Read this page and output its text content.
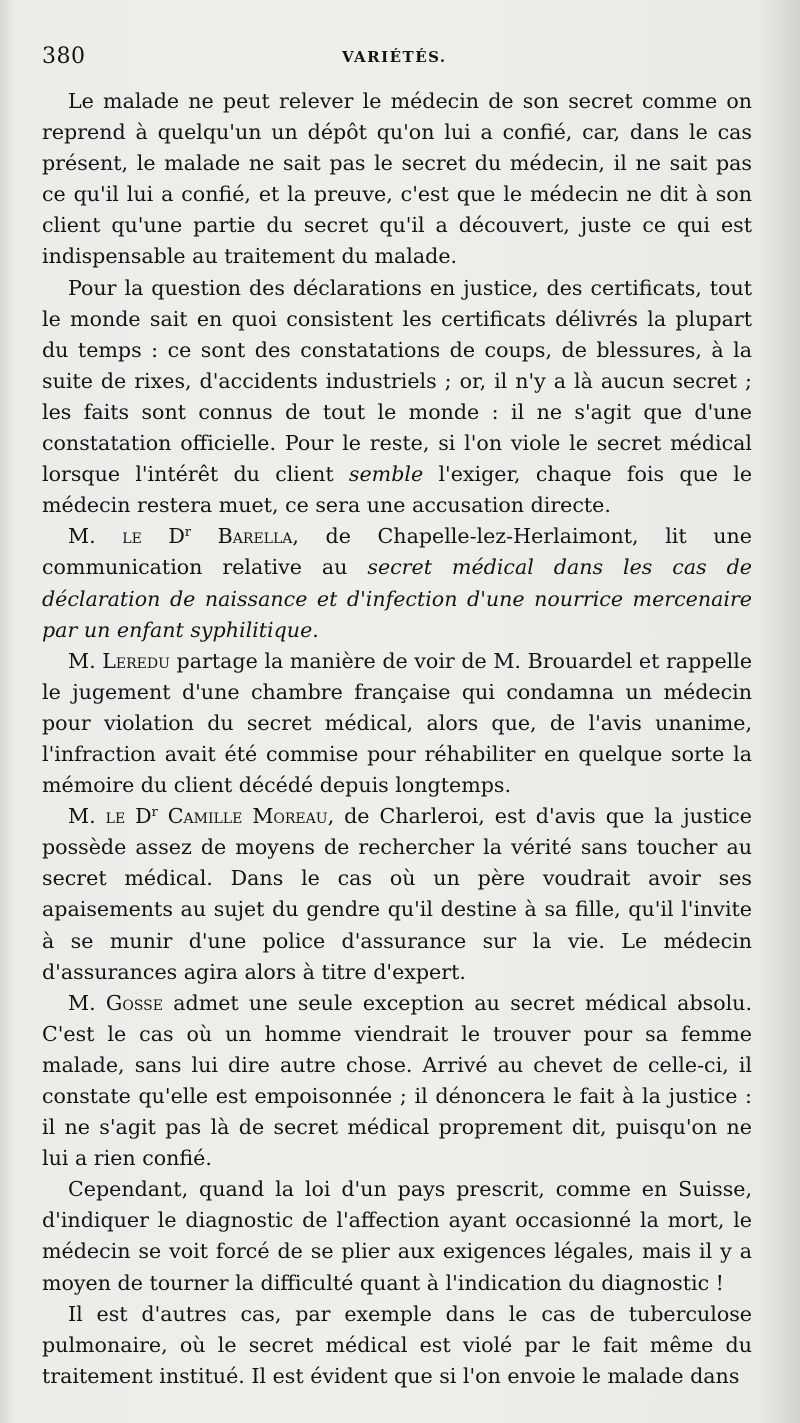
380	VARIÉTÉS.

Le malade ne peut relever le médecin de son secret comme on reprend à quelqu'un un dépôt qu'on lui a confié, car, dans le cas présent, le malade ne sait pas le secret du médecin, il ne sait pas ce qu'il lui a confié, et la preuve, c'est que le médecin ne dit à son client qu'une partie du secret qu'il a découvert, juste ce qui est indispensable au traitement du malade.

Pour la question des déclarations en justice, des certificats, tout le monde sait en quoi consistent les certificats délivrés la plupart du temps : ce sont des constatations de coups, de blessures, à la suite de rixes, d'accidents industriels ; or, il n'y a là aucun secret ; les faits sont connus de tout le monde : il ne s'agit que d'une constatation officielle. Pour le reste, si l'on viole le secret médical lorsque l'intérêt du client semble l'exiger, chaque fois que le médecin restera muet, ce sera une accusation directe.

M. le $D^r$ Barella, de Chapelle-lez-Herlaimont, lit une communication relative au secret médical dans les cas de déclaration de naissance et d'infection d'une nourrice mercenaire par un enfant syphilitique.

M. Leredu partage la manière de voir de M. Brouardel et rappelle le jugement d'une chambre française qui condamna un médecin pour violation du secret médical, alors que, de l'avis unanime, l'infraction avait été commise pour réhabiliter en quelque sorte la mémoire du client décédé depuis longtemps.

M. le $D^r$ Camille Moreau, de Charleroi, est d'avis que la justice possède assez de moyens de rechercher la vérité sans toucher au secret médical. Dans le cas où un père voudrait avoir ses apaisements au sujet du gendre qu'il destine à sa fille, qu'il l'invite à se munir d'une police d'assurance sur la vie. Le médecin d'assurances agira alors à titre d'expert.

M. Gosse admet une seule exception au secret médical absolu. C'est le cas où un homme viendrait le trouver pour sa femme malade, sans lui dire autre chose. Arrivé au chevet de celle-ci, il constate qu'elle est empoisonnée ; il dénoncera le fait à la justice : il ne s'agit pas là de secret médical proprement dit, puisqu'on ne lui a rien confié.

Cependant, quand la loi d'un pays prescrit, comme en Suisse, d'indiquer le diagnostic de l'affection ayant occasionné la mort, le médecin se voit forcé de se plier aux exigences légales, mais il y a moyen de tourner la difficulté quant à l'indication du diagnostic !

Il est d'autres cas, par exemple dans le cas de tuberculose pulmonaire, où le secret médical est violé par le fait même du traitement institué. Il est évident que si l'on envoie le malade dans
